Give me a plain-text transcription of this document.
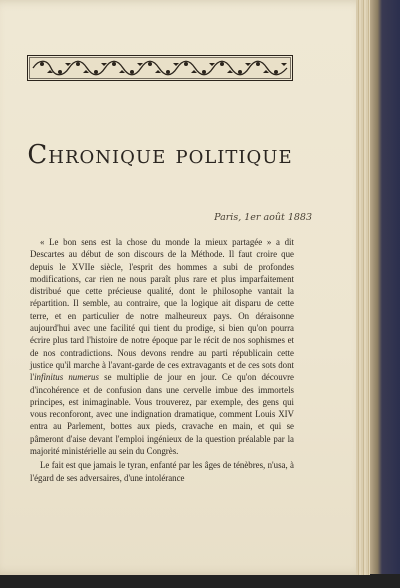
Chronique politique
Paris, 1er août 1883

« Le bon sens est la chose du monde la mieux partagée » a dit Descartes au début de son discours de la Méthode. Il faut croire que depuis le XVIIe siècle, l'esprit des hommes a subi de profondes modifications, car rien ne nous paraît plus rare et plus imparfaitement distribué que cette précieuse qualité, dont le philosophe vantait la répartition. Il semble, au contraire, que la logique ait disparu de cette terre, et en particulier de notre malheureux pays. On déraisonne aujourd'hui avec une facilité qui tient du prodige, si bien qu'on pourra écrire plus tard l'histoire de notre époque par le récit de nos sophismes et de nos contradictions. Nous devons rendre au parti républicain cette justice qu'il marche à l'avant-garde de ces extravagants et de ces sots dont l'infinitus numerus se multiplie de jour en jour. Ce qu'on découvre d'incohérence et de confusion dans une cervelle imbue des immortels principes, est inimaginable. Vous trouverez, par exemple, des gens qui vous reconforont, avec une indignation dramatique, comment Louis XIV entra au Parlement, bottes aux pieds, cravache en main, et qui se pâmeront d'aise devant l'emploi ingénieux de la question préalable par la majorité ministérielle au sein du Congrès.

Le fait est que jamais le tyran, enfanté par les âges de ténèbres, n'usa, à l'égard de ses adversaires, d'une intolérance
